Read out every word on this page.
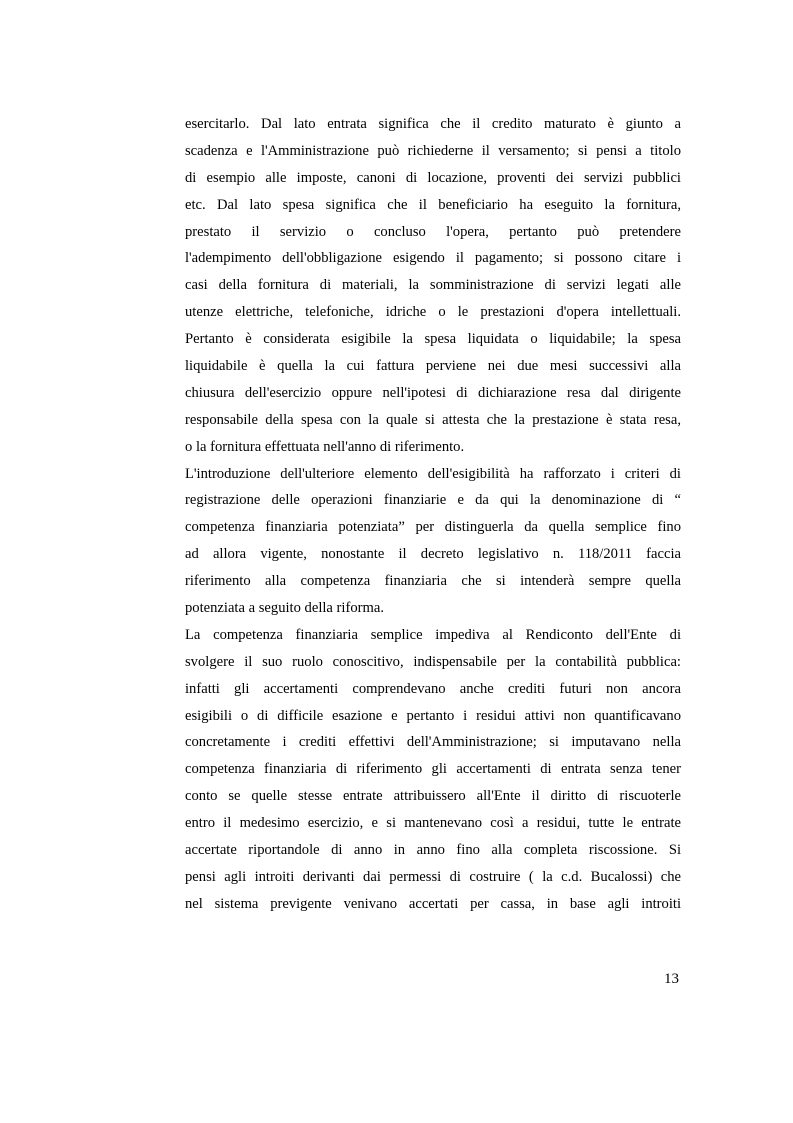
esercitarlo. Dal lato entrata significa che il credito maturato è giunto a
scadenza e l'Amministrazione può richiederne il versamento; si pensi a titolo
di esempio alle imposte, canoni di locazione, proventi dei servizi pubblici
etc. Dal lato spesa significa che il beneficiario ha eseguito la fornitura,
prestato il servizio o concluso l'opera, pertanto può pretendere
l'adempimento dell'obbligazione esigendo il pagamento; si possono citare i
casi della fornitura di materiali, la somministrazione di servizi legati alle
utenze elettriche, telefoniche, idriche o le prestazioni d'opera intellettuali.
Pertanto è considerata esigibile la spesa liquidata o liquidabile; la spesa
liquidabile è quella la cui fattura perviene nei due mesi successivi alla
chiusura dell'esercizio oppure nell'ipotesi di dichiarazione resa dal dirigente
responsabile della spesa con la quale si attesta che la prestazione è stata resa,
o la fornitura effettuata nell'anno di riferimento.
L'introduzione dell'ulteriore elemento dell'esigibilità ha rafforzato i criteri di
registrazione delle operazioni finanziarie e da qui la denominazione di “
competenza finanziaria potenziata” per distinguerla da quella semplice fino
ad allora vigente, nonostante il decreto legislativo n. 118/2011 faccia
riferimento alla competenza finanziaria che si intenderà sempre quella
potenziata a seguito della riforma.
La competenza finanziaria semplice impediva al Rendiconto dell'Ente di
svolgere il suo ruolo conoscitivo, indispensabile per la contabilità pubblica:
infatti gli accertamenti comprendevano anche crediti futuri non ancora
esigibili o di difficile esazione e pertanto i residui attivi non quantificavano
concretamente i crediti effettivi dell'Amministrazione; si imputavano nella
competenza finanziaria di riferimento gli accertamenti di entrata senza tener
conto se quelle stesse entrate attribuissero all'Ente il diritto di riscuoterle
entro il medesimo esercizio, e si mantenevano così a residui, tutte le entrate
accertate riportandole di anno in anno fino alla completa riscossione. Si
pensi agli introiti derivanti dai permessi di costruire ( la c.d. Bucalossi) che
nel sistema previgente venivano accertati per cassa, in base agli introiti
13
